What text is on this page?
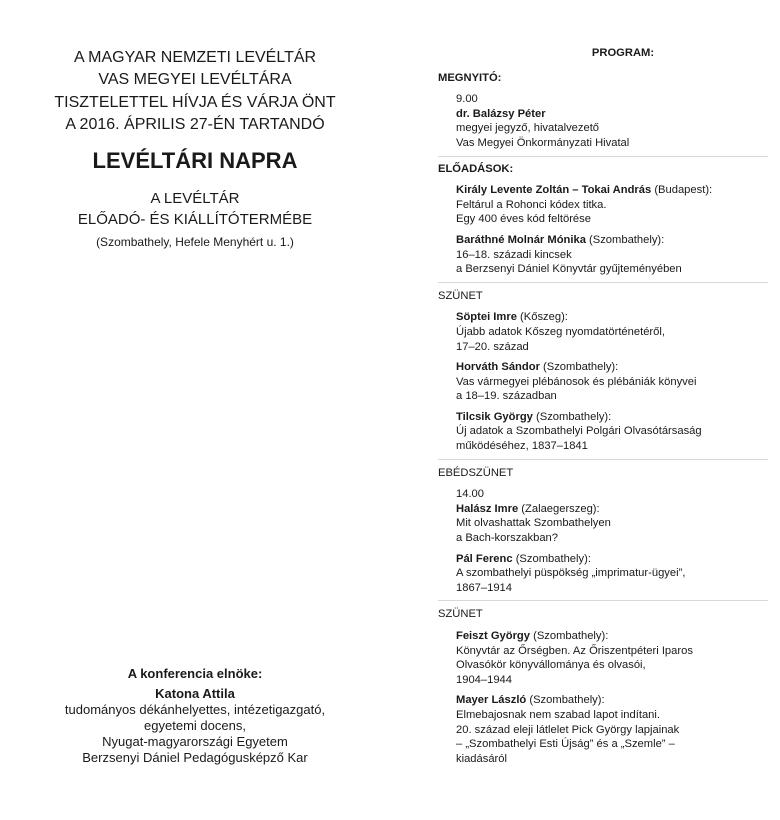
A MAGYAR NEMZETI LEVÉLTÁR
VAS MEGYEI LEVÉLTÁRA
TISZTELETTEL HÍVJA ÉS VÁRJA ÖNT
A 2016. ÁPRILIS 27-ÉN TARTANDÓ
LEVÉLTÁRI NAPRA
A LEVÉLTÁR
ELŐADÓ- ÉS KIÁLLÍTÓTERMÉBE
(Szombathely, Hefele Menyhért u. 1.)
A konferencia elnöke:
Katona Attila
tudományos dékánhelyettes, intézetigazgató,
egyetemi docens,
Nyugat-magyarországi Egyetem
Berzsenyi Dániel Pedagógusképző Kar
PROGRAM:
MEGNYITÓ:
9.00
dr. Balázsy Péter
megyei jegyző, hivatalvezető
Vas Megyei Önkormányzati Hivatal
ELŐADÁSOK:
Király Levente Zoltán – Tokai András (Budapest):
Feltárul a Rohonci kódex titka.
Egy 400 éves kód feltörése
Baráthné Molnár Mónika (Szombathely):
16–18. századi kincsek
a Berzsenyi Dániel Könyvtár gyűjteményében
SZÜNET
Söptei Imre (Kőszeg):
Újabb adatok Kőszeg nyomdatörténetéről,
17–20. század
Horváth Sándor (Szombathely):
Vas vármegyei plébánosok és plébániák könyvei
a 18–19. században
Tilcsik György (Szombathely):
Új adatok a Szombathelyi Polgári Olvasótársaság
működéséhez, 1837–1841
EBÉDSZÜNET
14.00
Halász Imre (Zalaegerszeg):
Mit olvashattak Szombathelyen
a Bach-korszakban?
Pál Ferenc (Szombathely):
A szombathelyi püspökség „imprimatur-ügyei”,
1867–1914
SZÜNET
Feiszt György (Szombathely):
Könyvtár az Őrségben. Az Őriszentpéteri Iparos
Olvasókör könyvállománya és olvasói,
1904–1944
Mayer László (Szombathely):
Elmebajosnak nem szabad lapot indítani.
20. század eleji látlelet Pick György lapjainak
– „Szombathelyi Esti Újság” és a „Szemle” –
kiadásáról
